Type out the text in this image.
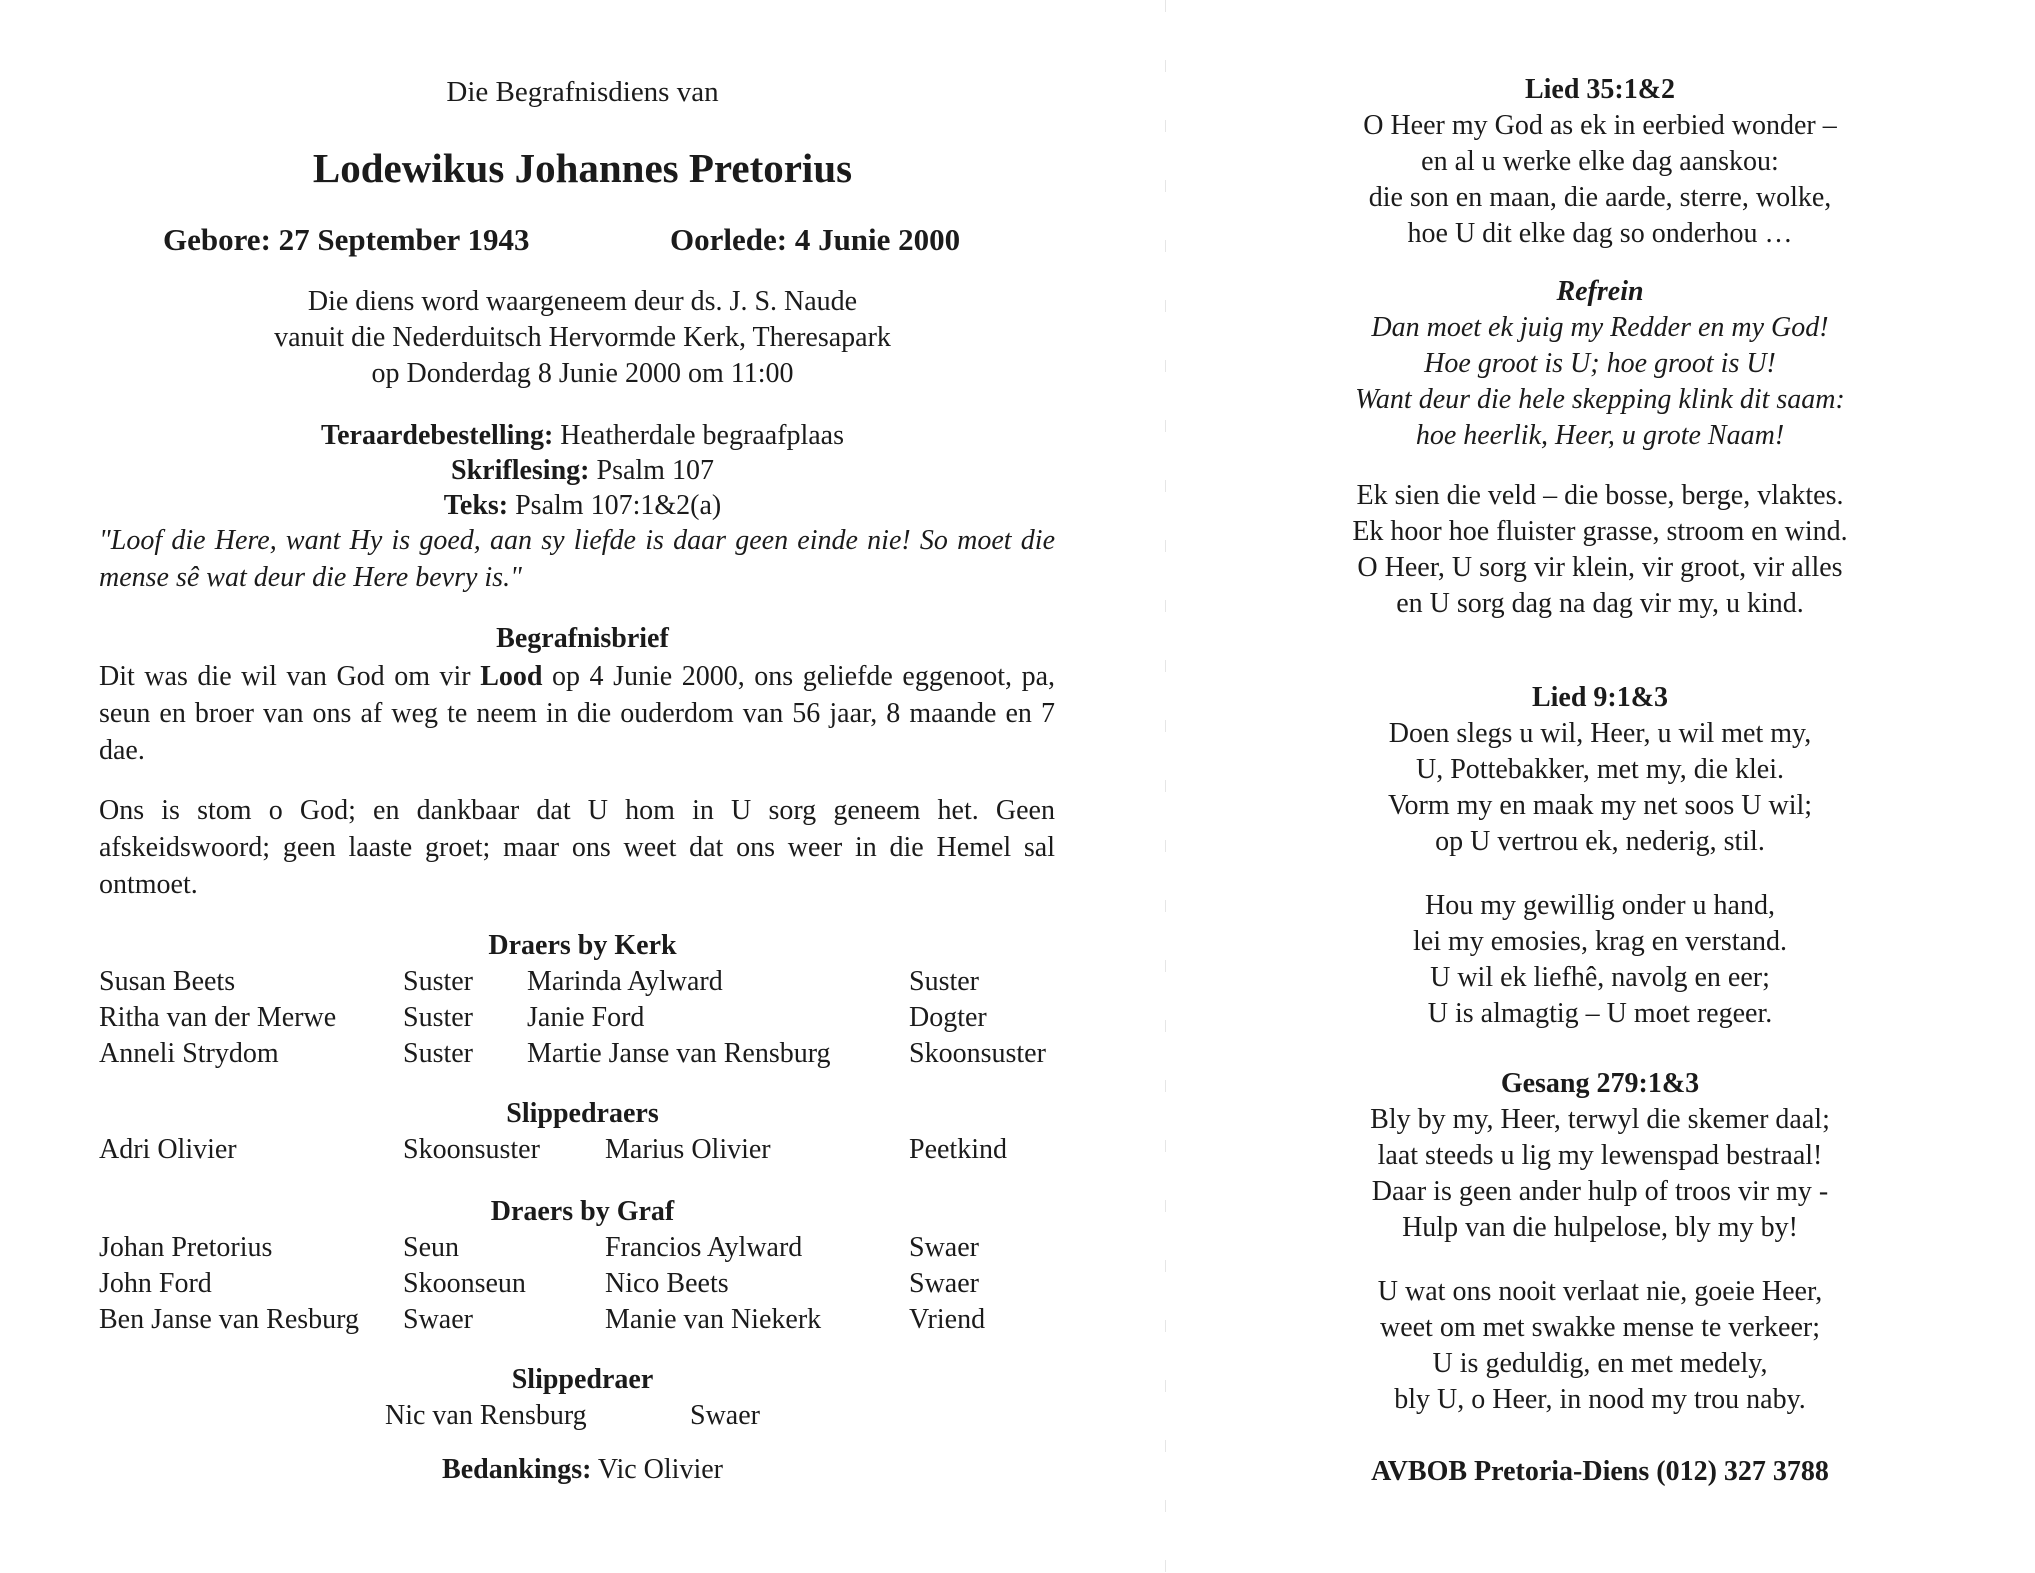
Die Begrafnisdiens van
Lodewikus Johannes Pretorius
Gebore: 27 September 1943	Oorlede: 4 Junie 2000
Die diens word waargeneem deur ds. J. S. Naude
vanuit die Nederduitsch Hervormde Kerk, Theresapark
op Donderdag 8 Junie 2000 om 11:00
Teraardebestelling: Heatherdale begraafplaas
Skriflesing: Psalm 107
Teks: Psalm 107:1&2(a)
"Loof die Here, want Hy is goed, aan sy liefde is daar geen einde nie! So moet die mense sê wat deur die Here bevry is."
Begrafnisbrief
Dit was die wil van God om vir Lood op 4 Junie 2000, ons geliefde eggenoot, pa, seun en broer van ons af weg te neem in die ouderdom van 56 jaar, 8 maande en 7 dae.
Ons is stom o God; en dankbaar dat U hom in U sorg geneem het. Geen afskeidswoord; geen laaste groet; maar ons weet dat ons weer in die Hemel sal ontmoet.
Draers by Kerk
Susan Beets	Suster Marinda Aylward	Suster
Ritha van der Merwe Suster Janie Ford	Dogter
Anneli Strydom	Suster Martie Janse van Rensburg	Skoonsuster
Slippedraers
Adri Olivier	Skoonsuster Marius Olivier	Peetkind
Draers by Graf
Johan Pretorius	Seun	Francios Aylward	Swaer
John Ford	Skoonseun	Nico Beets	Swaer
Ben Janse van Resburg Swaer	Manie van Niekerk	Vriend
Slippedraer
Nic van Rensburg	Swaer
Bedankings: Vic Olivier
Lied 35:1&2
O Heer my God as ek in eerbied wonder –
en al u werke elke dag aanskou:
die son en maan, die aarde, sterre, wolke,
hoe U dit elke dag so onderhou …
Refrein
Dan moet ek juig my Redder en my God!
Hoe groot is U; hoe groot is U!
Want deur die hele skepping klink dit saam:
hoe heerlik, Heer, u grote Naam!
Ek sien die veld – die bosse, berge, vlaktes.
Ek hoor hoe fluister grasse, stroom en wind.
O Heer, U sorg vir klein, vir groot, vir alles
en U sorg dag na dag vir my, u kind.
Lied 9:1&3
Doen slegs u wil, Heer, u wil met my,
U, Pottebakker, met my, die klei.
Vorm my en maak my net soos U wil;
op U vertrou ek, nederig, stil.
Hou my gewillig onder u hand,
lei my emosies, krag en verstand.
U wil ek liefhê, navolg en eer;
U is almagtig – U moet regeer.
Gesang 279:1&3
Bly by my, Heer, terwyl die skemer daal;
laat steeds u lig my lewenspad bestraal!
Daar is geen ander hulp of troos vir my -
Hulp van die hulpelose, bly my by!
U wat ons nooit verlaat nie, goeie Heer,
weet om met swakke mense te verkeer;
U is geduldig, en met medely,
bly U, o Heer, in nood my trou naby.
AVBOB Pretoria-Diens (012) 327 3788
